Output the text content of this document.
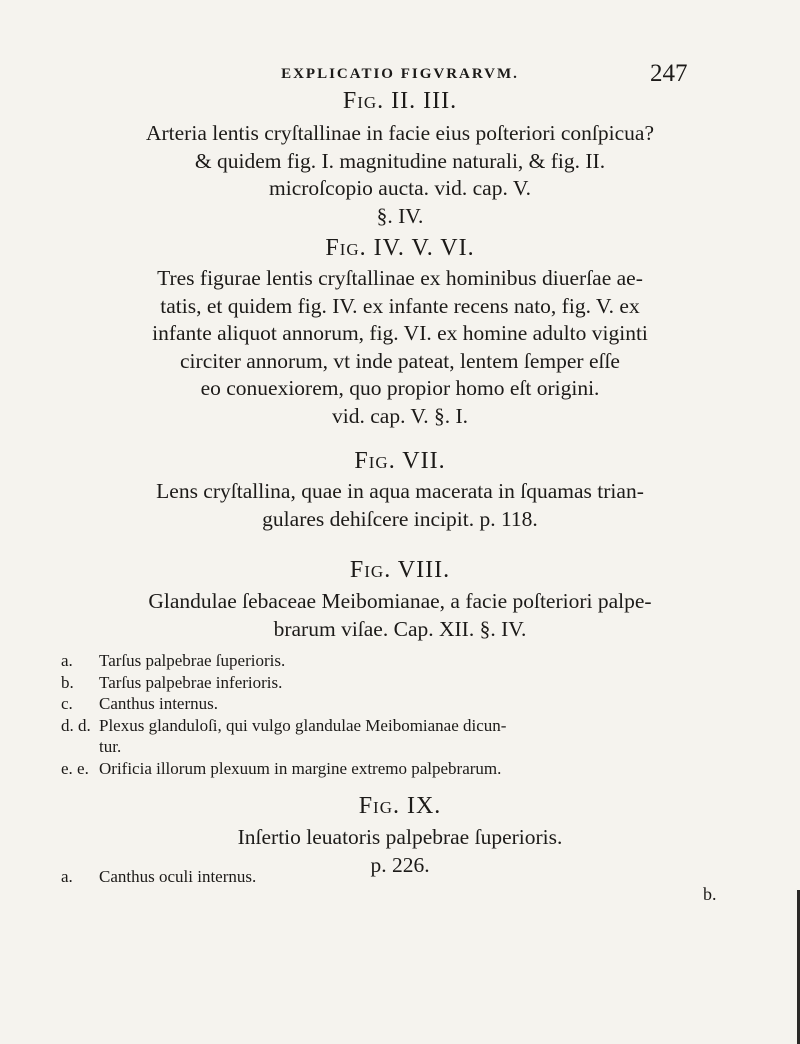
EXPLICATIO FIGVRARVM.	247
Fig. II. III.
Arteria lentis cryſtallinae in facie eius poſteriori conſpicua?
& quidem fig. I. magnitudine naturali, & fig. II.
microſcopio aucta. vid. cap. V.
§. IV.
Fig. IV. V. VI.
Tres figurae lentis cryſtallinae ex hominibus diuerſae ae-
tatis, et quidem fig. IV. ex infante recens nato, fig. V. ex
infante aliquot annorum, fig. VI. ex homine adulto viginti
circiter annorum, vt inde pateat, lentem ſemper eſſe
eo conuexiorem, quo propior homo eſt origini.
vid. cap. V. §. I.
Fig. VII.
Lens cryſtallina, quae in aqua macerata in ſquamas trian-
gulares dehiſcere incipit. p. 118.
Fig. VIII.
Glandulae ſebaceae Meibomianae, a facie poſteriori palpe-
brarum viſae. Cap. XII. §. IV.
a.	Tarſus palpebrae ſuperioris.
b.	Tarſus palpebrae inferioris.
c.	Canthus internus.
d. d. Plexus glanduloſi, qui vulgo glandulae Meibomianae dicun-
tur.
e. e. Orificia illorum plexuum in margine extremo palpebrarum.
Fig. IX.
Inſertio leuatoris palpebrae ſuperioris.
p. 226.
a.	Canthus oculi internus.
b.
